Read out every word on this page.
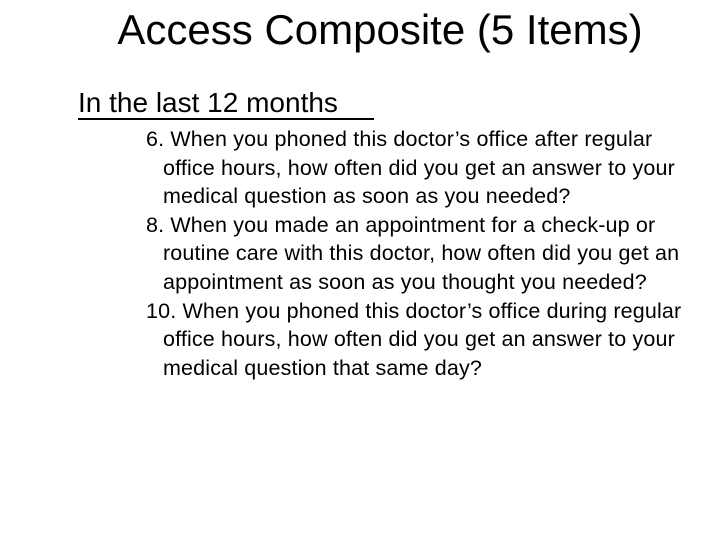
Access Composite (5 Items)
In the last 12 months
6. When you phoned this doctor’s office after regular office hours, how often did you get an answer to your medical question as soon as you needed?
8. When you made an appointment for a check-up or routine care with this doctor, how often did you get an appointment as soon as you thought you needed?
10. When you phoned this doctor’s office during regular office hours, how often did you get an answer to your medical question that same day?
